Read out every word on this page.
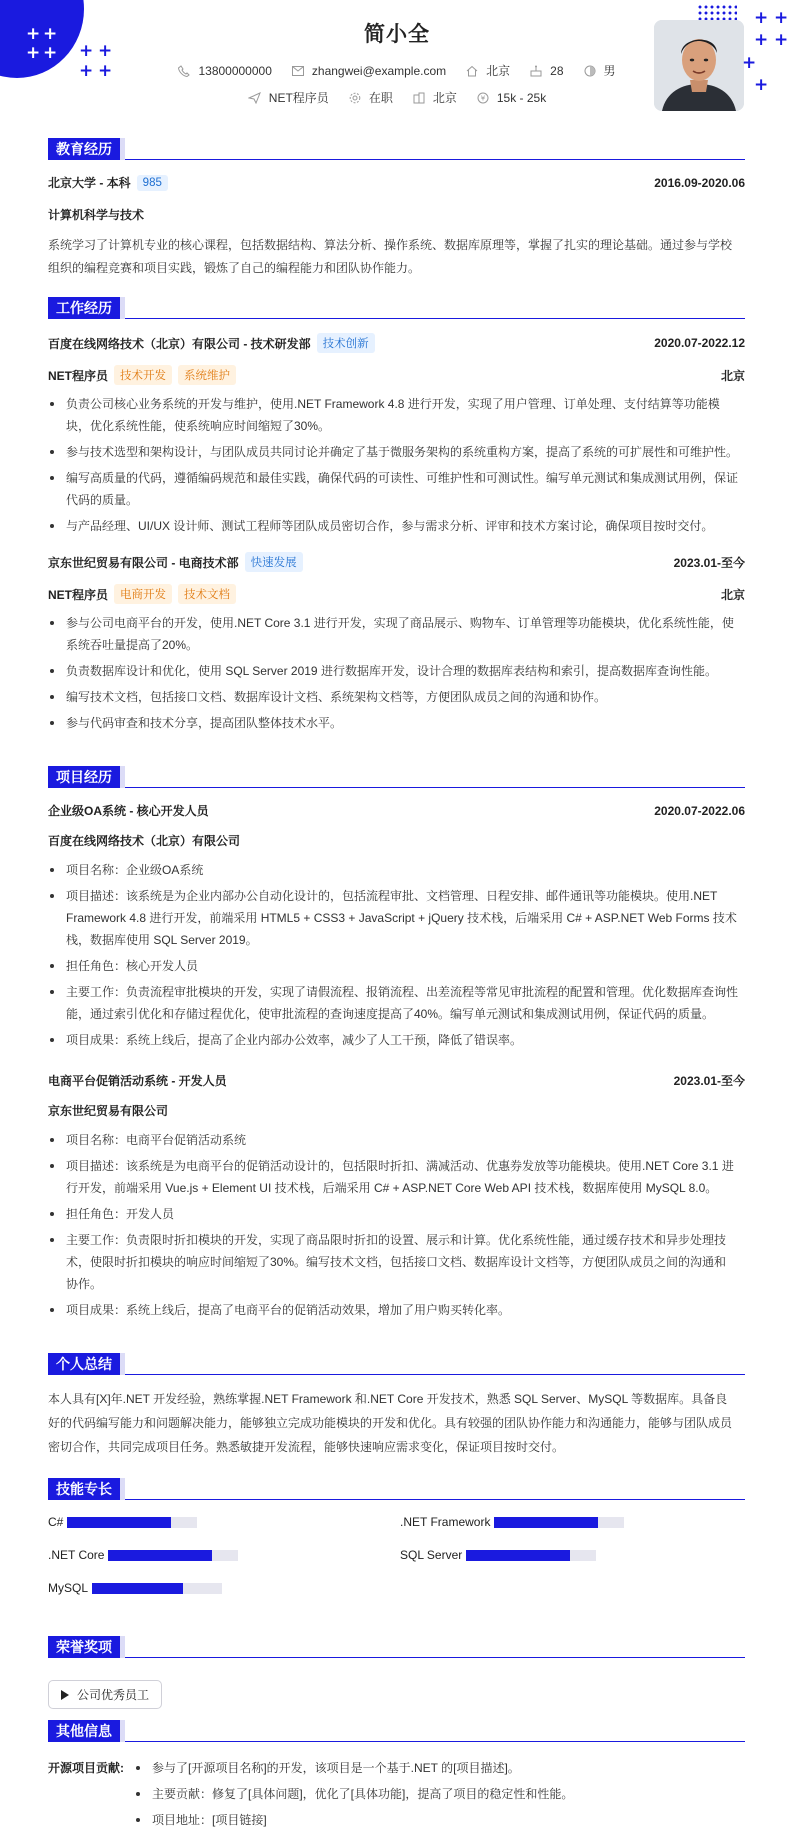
+ +
+ + + +
+ +
+ +
+ +
+
+
简小全
13800000000	zhangwei@example.com	北京	28	男
NET程序员	在职	北京	¥ 15k - 25k
教育经历
北京大学 - 本科	985	2016.09-2020.06
计算机科学与技术
系统学习了计算机专业的核心课程，包括数据结构、算法分析、操作系统、数据库原理等，掌握了扎实的理论基础。通过参与学校组织的编程竞赛和项目实践，锻炼了自己的编程能力和团队协作能力。
工作经历
百度在线网络技术（北京）有限公司 - 技术研发部	技术创新	2020.07-2022.12
NET程序员	技术开发	系统维护	北京
负责公司核心业务系统的开发与维护，使用.NET Framework 4.8 进行开发，实现了用户管理、订单处理、支付结算等功能模块，优化系统性能，使系统响应时间缩短了30%。
参与技术选型和架构设计，与团队成员共同讨论并确定了基于微服务架构的系统重构方案，提高了系统的可扩展性和可维护性。
编写高质量的代码，遵循编码规范和最佳实践，确保代码的可读性、可维护性和可测试性。编写单元测试和集成测试用例，保证代码的质量。
与产品经理、UI/UX 设计师、测试工程师等团队成员密切合作，参与需求分析、评审和技术方案讨论，确保项目按时交付。
京东世纪贸易有限公司 - 电商技术部	快速发展	2023.01-至今
NET程序员	电商开发	技术文档	北京
参与公司电商平台的开发，使用.NET Core 3.1 进行开发，实现了商品展示、购物车、订单管理等功能模块，优化系统性能，使系统吞吐量提高了20%。
负责数据库设计和优化，使用 SQL Server 2019 进行数据库开发，设计合理的数据库表结构和索引，提高数据库查询性能。
编写技术文档，包括接口文档、数据库设计文档、系统架构文档等，方便团队成员之间的沟通和协作。
参与代码审查和技术分享，提高团队整体技术水平。
项目经历
企业级OA系统 - 核心开发人员	2020.07-2022.06
百度在线网络技术（北京）有限公司
项目名称：企业级OA系统
项目描述：该系统是为企业内部办公自动化设计的，包括流程审批、文档管理、日程安排、邮件通讯等功能模块。使用.NET Framework 4.8 进行开发，前端采用 HTML5 + CSS3 + JavaScript + jQuery 技术栈，后端采用 C# + ASP.NET Web Forms 技术栈，数据库使用 SQL Server 2019。
担任角色：核心开发人员
主要工作：负责流程审批模块的开发，实现了请假流程、报销流程、出差流程等常见审批流程的配置和管理。优化数据库查询性能，通过索引优化和存储过程优化，使审批流程的查询速度提高了40%。编写单元测试和集成测试用例，保证代码的质量。
项目成果：系统上线后，提高了企业内部办公效率，减少了人工干预，降低了错误率。
电商平台促销活动系统 - 开发人员	2023.01-至今
京东世纪贸易有限公司
项目名称：电商平台促销活动系统
项目描述：该系统是为电商平台的促销活动设计的，包括限时折扣、满减活动、优惠券发放等功能模块。使用.NET Core 3.1 进行开发，前端采用 Vue.js + Element UI 技术栈，后端采用 C# + ASP.NET Core Web API 技术栈，数据库使用 MySQL 8.0。
担任角色：开发人员
主要工作：负责限时折扣模块的开发，实现了商品限时折扣的设置、展示和计算。优化系统性能，通过缓存技术和异步处理技术，使限时折扣模块的响应时间缩短了30%。编写技术文档，包括接口文档、数据库设计文档等，方便团队成员之间的沟通和协作。
项目成果：系统上线后，提高了电商平台的促销活动效果，增加了用户购买转化率。
个人总结
本人具有[X]年.NET 开发经验，熟练掌握.NET Framework 和.NET Core 开发技术，熟悉 SQL Server、MySQL 等数据库。具备良好的代码编写能力和问题解决能力，能够独立完成功能模块的开发和优化。具有较强的团队协作能力和沟通能力，能够与团队成员密切合作，共同完成项目任务。熟悉敏捷开发流程，能够快速响应需求变化，保证项目按时交付。
技能专长
C#	.NET Framework
.NET Core	SQL Server
MySQL
荣誉奖项
公司优秀员工
其他信息
开源项目贡献:	参与了[开源项目名称]的开发，该项目是一个基于.NET 的[项目描述]。
主要贡献：修复了[具体问题]，优化了[具体功能]，提高了项目的稳定性和性能。
项目地址：[项目链接]
